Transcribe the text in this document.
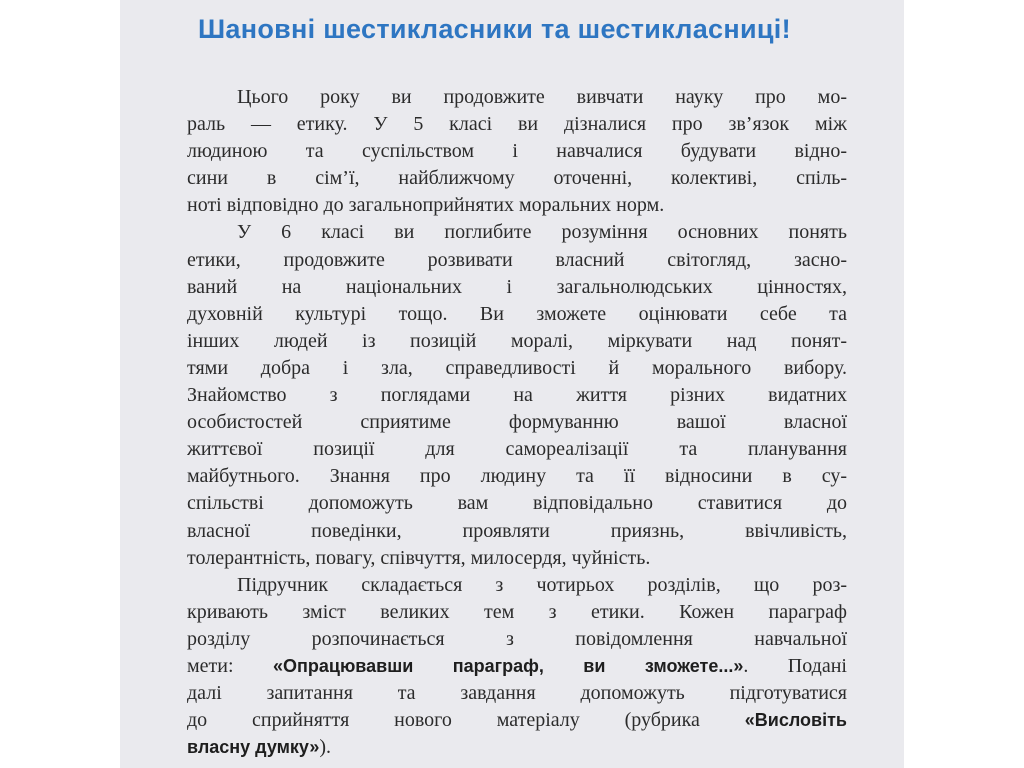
Шановні шестикласники та шестикласниці!
Цього року ви продовжите вивчати науку про мо-
раль — етику. У 5 класі ви дізналися про зв’язок між
людиною та суспільством і навчалися будувати відно-
сини в сім’ї, найближчому оточенні, колективі, спіль-
ноті відповідно до загальноприйнятих моральних норм.
У 6 класі ви поглибите розуміння основних понять
етики, продовжите розвивати власний світогляд, засно-
ваний на національних і загальнолюдських цінностях,
духовній культурі тощо. Ви зможете оцінювати себе та
інших людей із позицій моралі, міркувати над понят-
тями добра і зла, справедливості й морального вибору.
Знайомство з поглядами на життя різних видатних
особистостей сприятиме формуванню вашої власної
життєвої позиції для самореалізації та планування
майбутнього. Знання про людину та її відносини в су-
спільстві допоможуть вам відповідально ставитися до
власної поведінки, проявляти приязнь, ввічливість,
толерантність, повагу, співчуття, милосердя, чуйність.
Підручник складається з чотирьох розділів, що роз-
кривають зміст великих тем з етики. Кожен параграф
розділу розпочинається з повідомлення навчальної
мети: «Опрацювавши параграф, ви зможете...». Подані
далі запитання та завдання допоможуть підготуватися
до сприйняття нового матеріалу (рубрика «Висловіть
власну думку»).
